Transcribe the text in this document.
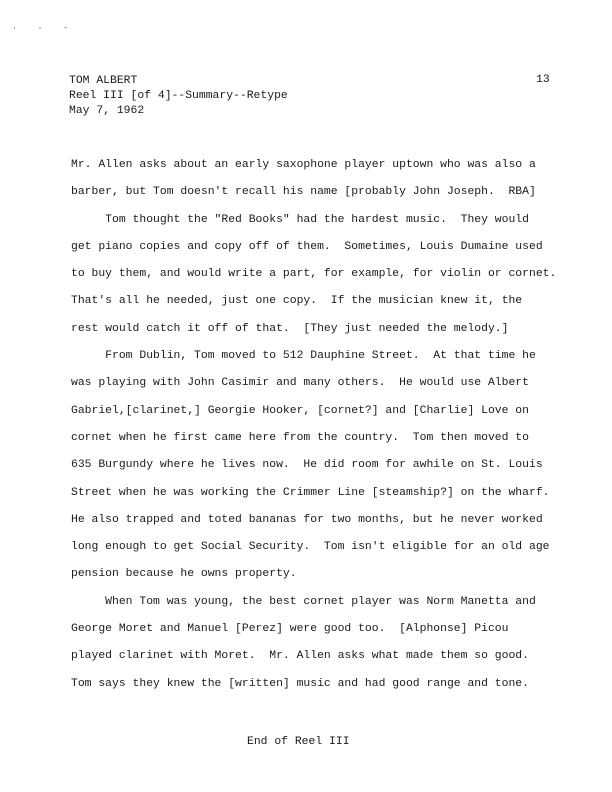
· · -
TOM ALBERT
Reel III [of 4]--Summary--Retype
May 7, 1962
13
Mr. Allen asks about an early saxophone player uptown who was also a
barber, but Tom doesn't recall his name [probably John Joseph.  RBA]
Tom thought the "Red Books" had the hardest music.  They would
get piano copies and copy off of them.  Sometimes, Louis Dumaine used
to buy them, and would write a part, for example, for violin or cornet.
That's all he needed, just one copy.  If the musician knew it, the
rest would catch it off of that.  [They just needed the melody.]
From Dublin, Tom moved to 512 Dauphine Street.  At that time he
was playing with John Casimir and many others.  He would use Albert
Gabriel,[clarinet,] Georgie Hooker, [cornet?] and [Charlie] Love on
cornet when he first came here from the country.  Tom then moved to
635 Burgundy where he lives now.  He did room for awhile on St. Louis
Street when he was working the Crimmer Line [steamship?] on the wharf.
He also trapped and toted bananas for two months, but he never worked
long enough to get Social Security.  Tom isn't eligible for an old age
pension because he owns property.
When Tom was young, the best cornet player was Norm Manetta and
George Moret and Manuel [Perez] were good too.  [Alphonse] Picou
played clarinet with Moret.  Mr. Allen asks what made them so good.
Tom says they knew the [written] music and had good range and tone.
End of Reel III
